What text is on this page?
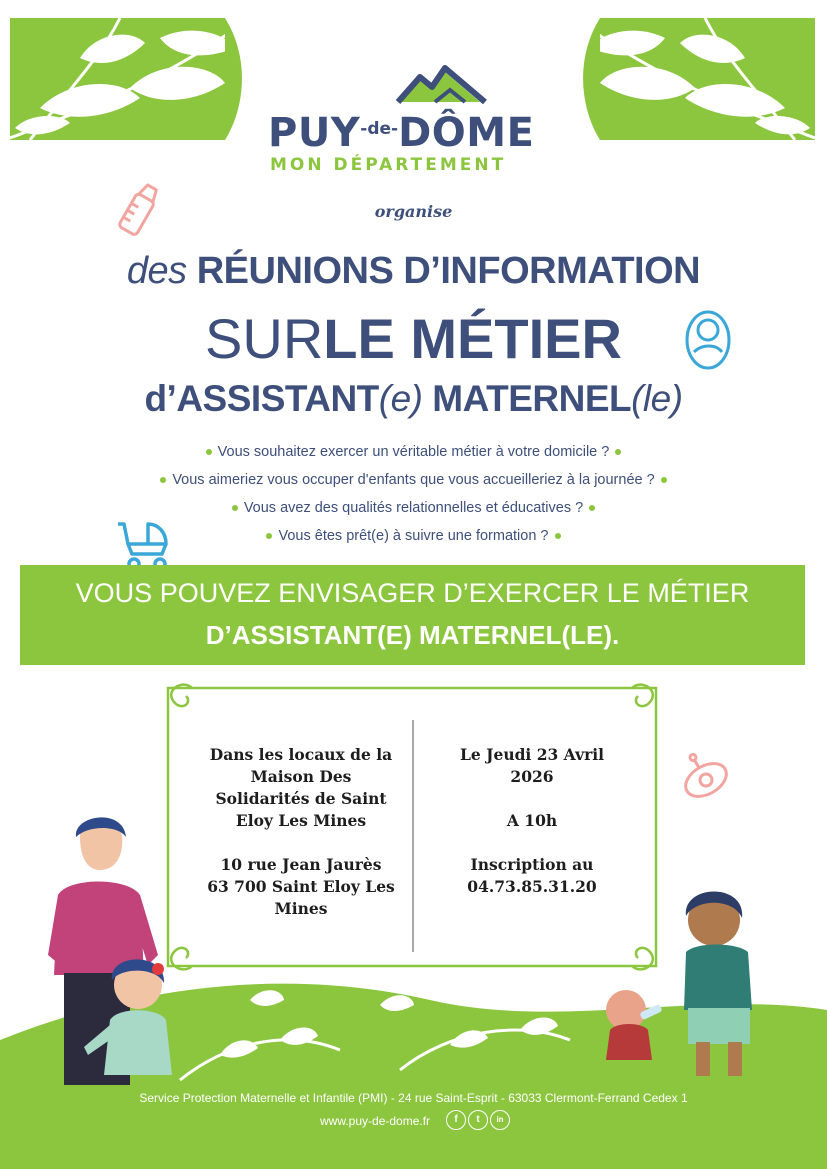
$PUY^{-de-}DÔME$
MON DÉPARTEMENT
organise
des RÉUNIONS D’INFORMATION
SURLE MÉTIER
d’ASSISTANT(e) MATERNEL(le)
Vous souhaitez exercer un véritable métier à votre domicile ?
Vous aimeriez vous occuper d'enfants que vous accueilleriez à la journée ?
Vous avez des qualités relationnelles et éducatives ?
Vous êtes prêt(e) à suivre une formation ?
VOUS POUVEZ ENVISAGER D’EXERCER LE MÉTIER
D’ASSISTANT(E) MATERNEL(LE).
Dans les locaux de la
Maison Des
Solidarités de Saint
Eloy Les Mines
10 rue Jean Jaurès
63 700 Saint Eloy Les
Mines
Le Jeudi 23 Avril
2026
A 10h
Inscription au
04.73.85.31.20
Service Protection Maternelle et Infantile (PMI) - 24 rue Saint-Esprit - 63033 Clermont-Ferrand Cedex 1
www.puy-de-dome.fr	f	t	in
